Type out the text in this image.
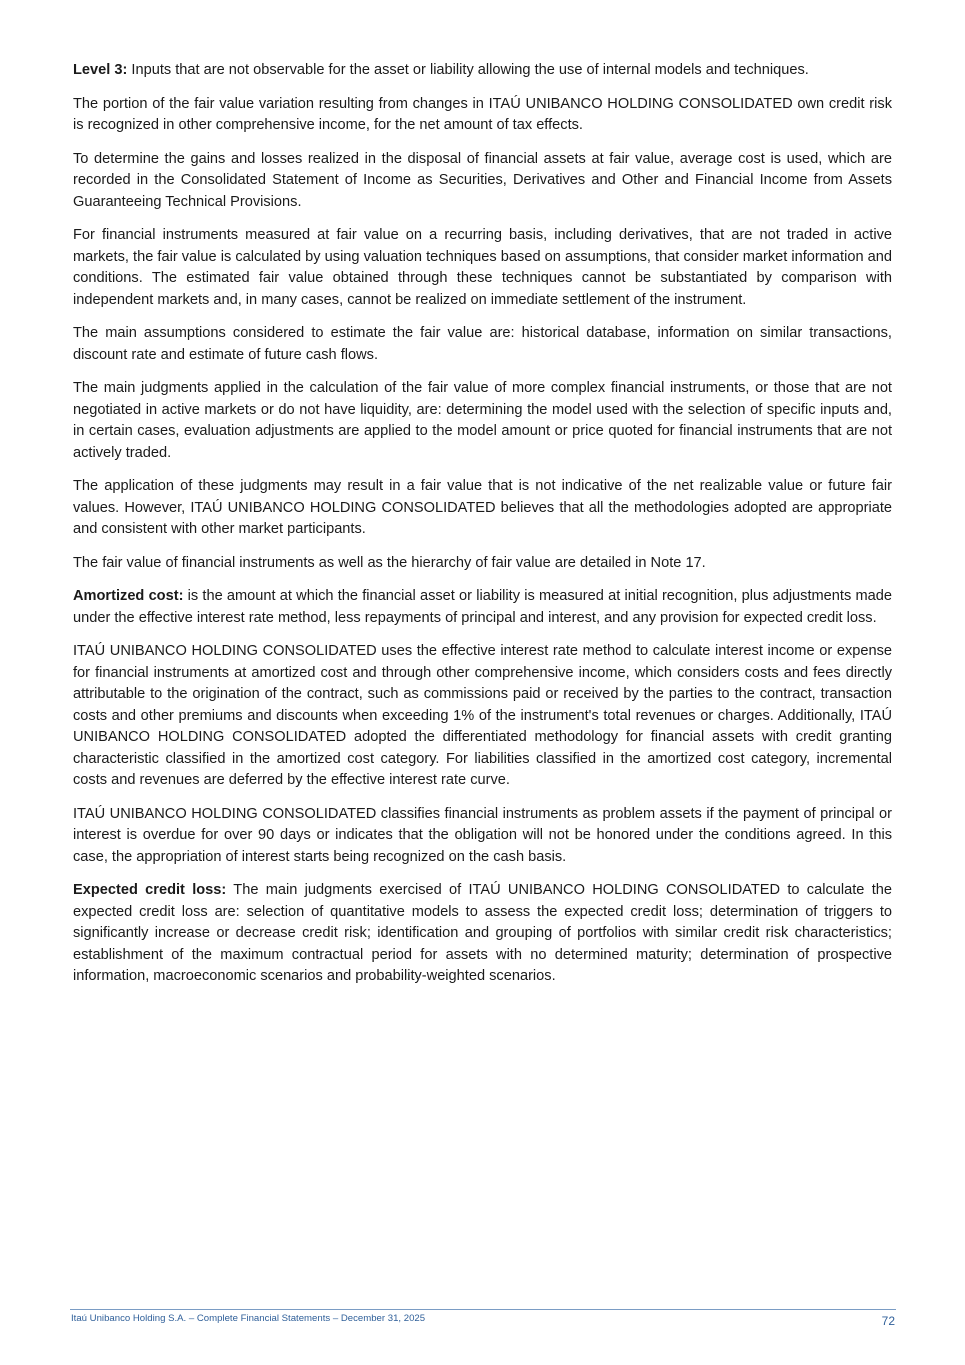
Level 3: Inputs that are not observable for the asset or liability allowing the use of internal models and techniques.

The portion of the fair value variation resulting from changes in ITAÚ UNIBANCO HOLDING CONSOLIDATED own credit risk is recognized in other comprehensive income, for the net amount of tax effects.

To determine the gains and losses realized in the disposal of financial assets at fair value, average cost is used, which are recorded in the Consolidated Statement of Income as Securities, Derivatives and Other and Financial Income from Assets Guaranteeing Technical Provisions.

For financial instruments measured at fair value on a recurring basis, including derivatives, that are not traded in active markets, the fair value is calculated by using valuation techniques based on assumptions, that consider market information and conditions. The estimated fair value obtained through these techniques cannot be substantiated by comparison with independent markets and, in many cases, cannot be realized on immediate settlement of the instrument.

The main assumptions considered to estimate the fair value are: historical database, information on similar transactions, discount rate and estimate of future cash flows.

The main judgments applied in the calculation of the fair value of more complex financial instruments, or those that are not negotiated in active markets or do not have liquidity, are: determining the model used with the selection of specific inputs and, in certain cases, evaluation adjustments are applied to the model amount or price quoted for financial instruments that are not actively traded.

The application of these judgments may result in a fair value that is not indicative of the net realizable value or future fair values. However, ITAÚ UNIBANCO HOLDING CONSOLIDATED believes that all the methodologies adopted are appropriate and consistent with other market participants.

The fair value of financial instruments as well as the hierarchy of fair value are detailed in Note 17.

Amortized cost: is the amount at which the financial asset or liability is measured at initial recognition, plus adjustments made under the effective interest rate method, less repayments of principal and interest, and any provision for expected credit loss.

ITAÚ UNIBANCO HOLDING CONSOLIDATED uses the effective interest rate method to calculate interest income or expense for financial instruments at amortized cost and through other comprehensive income, which considers costs and fees directly attributable to the origination of the contract, such as commissions paid or received by the parties to the contract, transaction costs and other premiums and discounts when exceeding 1% of the instrument's total revenues or charges. Additionally, ITAÚ UNIBANCO HOLDING CONSOLIDATED adopted the differentiated methodology for financial assets with credit granting characteristic classified in the amortized cost category. For liabilities classified in the amortized cost category, incremental costs and revenues are deferred by the effective interest rate curve.

ITAÚ UNIBANCO HOLDING CONSOLIDATED classifies financial instruments as problem assets if the payment of principal or interest is overdue for over 90 days or indicates that the obligation will not be honored under the conditions agreed. In this case, the appropriation of interest starts being recognized on the cash basis.

Expected credit loss: The main judgments exercised of ITAÚ UNIBANCO HOLDING CONSOLIDATED to calculate the expected credit loss are: selection of quantitative models to assess the expected credit loss; determination of triggers to significantly increase or decrease credit risk; identification and grouping of portfolios with similar credit risk characteristics; establishment of the maximum contractual period for assets with no determined maturity; determination of prospective information, macroeconomic scenarios and probability-weighted scenarios.

Itaú Unibanco Holding S.A. – Complete Financial Statements – December 31, 2025	72
